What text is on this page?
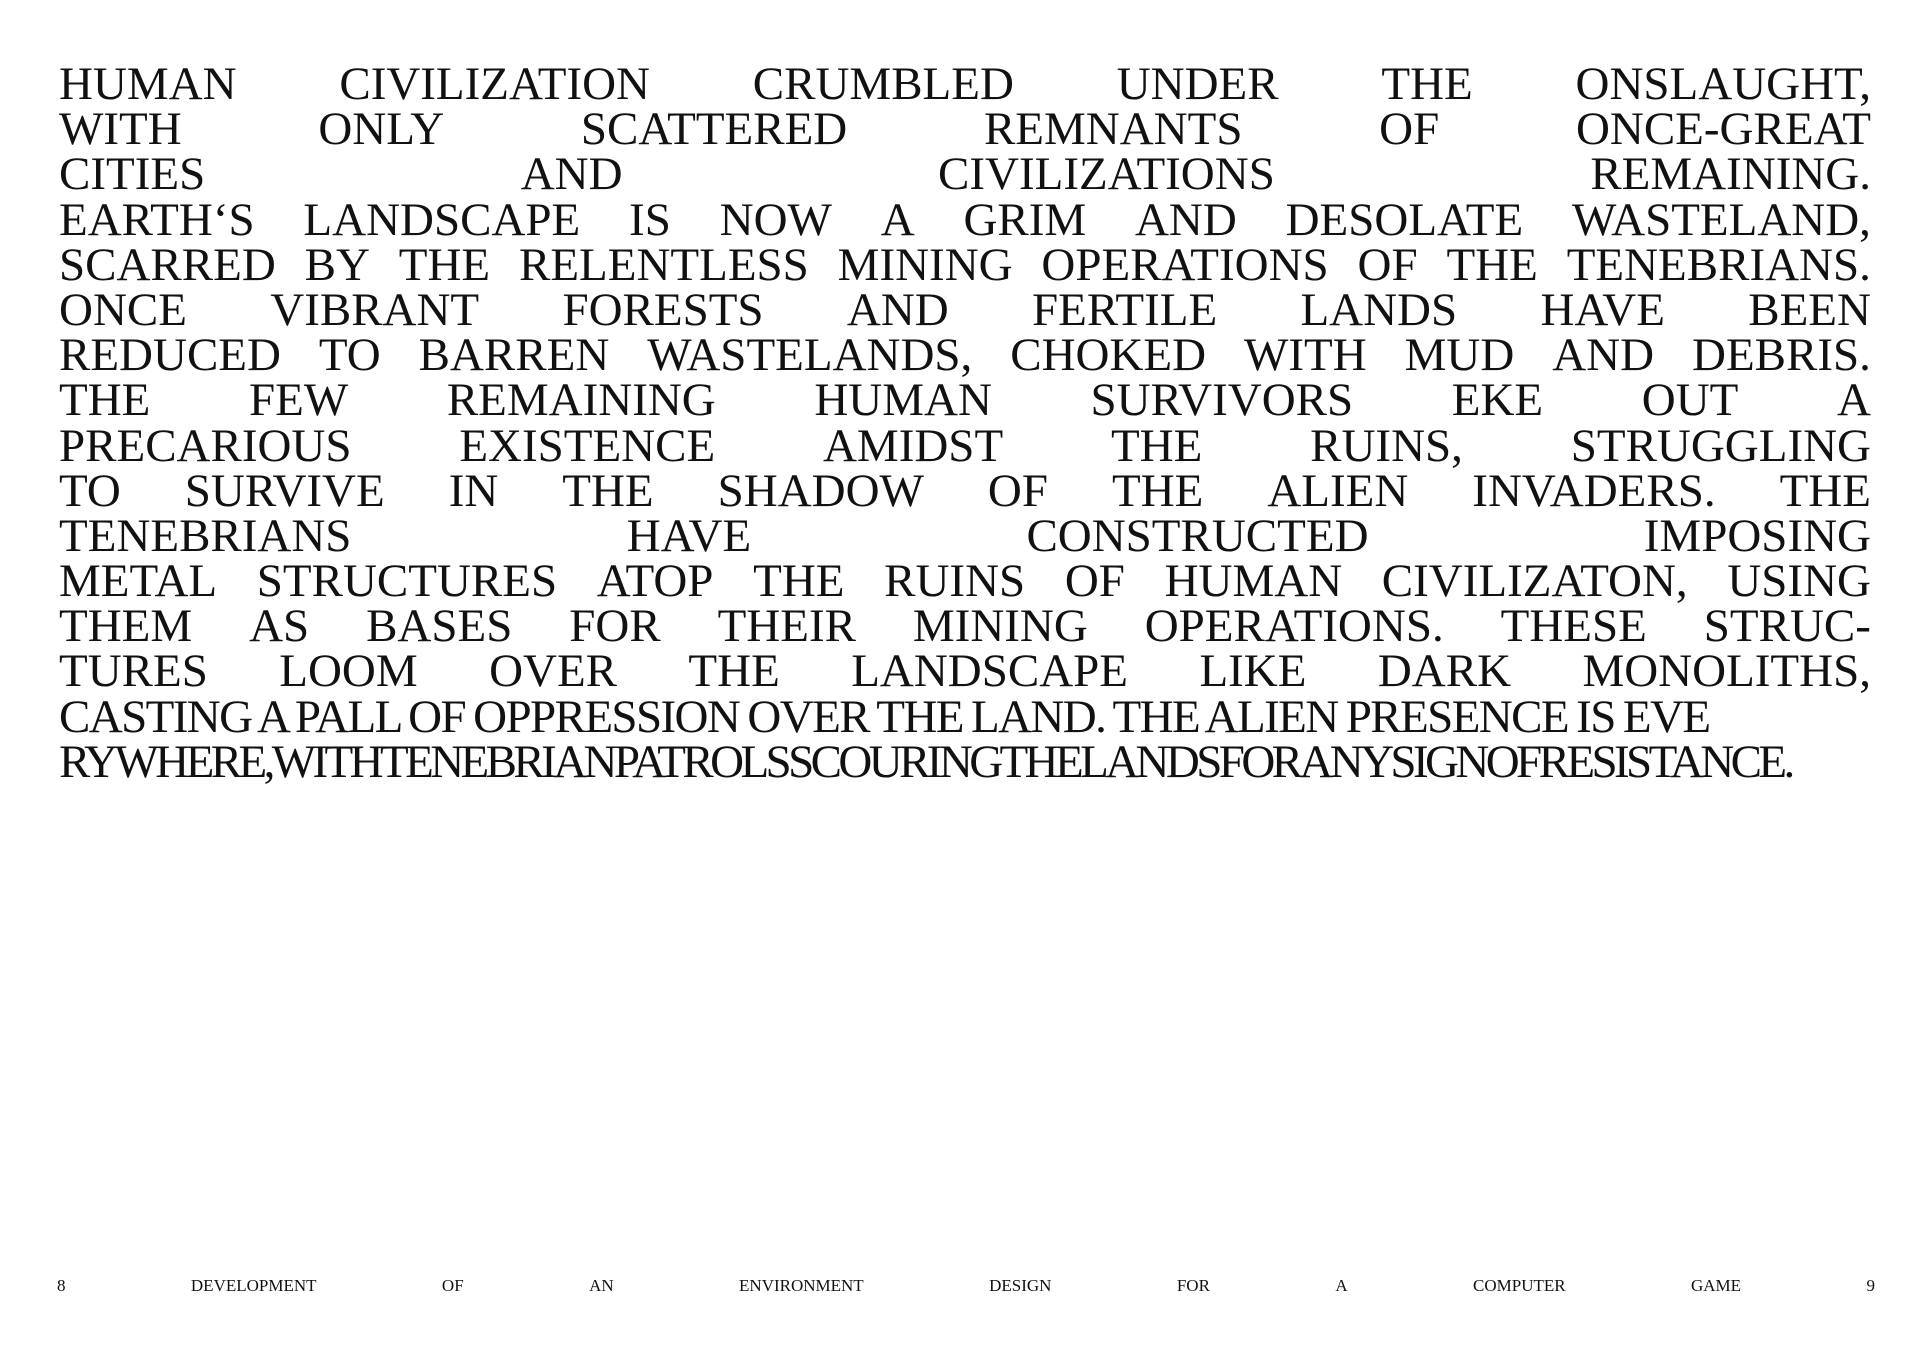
HUMAN CIVILIZATION CRUMBLED UNDER THE ONSLAUGHT,
WITH	ONLY	SCATTERED	REMNANTS	OF	ONCE-GREAT
CITIES	AND	CIVILIZATIONS	REMAINING.
EARTH‘S LANDSCAPE IS NOW A GRIM AND DESOLATE WASTELAND,
SCARRED BY THE RELENTLESS MINING OPERATIONS OF THE TENEBRIANS.
ONCE VIBRANT FORESTS AND FERTILE LANDS HAVE BEEN
REDUCED TO BARREN WASTELANDS, CHOKED WITH MUD AND DEBRIS.
THE FEW REMAINING HUMAN SURVIVORS EKE OUT A
PRECARIOUS EXISTENCE AMIDST THE RUINS, STRUGGLING
TO SURVIVE IN THE SHADOW OF THE ALIEN INVADERS. THE
TENEBRIANS	HAVE	CONSTRUCTED	IMPOSING
METAL STRUCTURES ATOP THE RUINS OF HUMAN CIVILIZATON, USING
THEM AS BASES FOR THEIR MINING OPERATIONS. THESE STRUC-
TURES LOOM OVER THE LANDSCAPE LIKE DARK MONOLITHS,
CASTING A PALL OF OPPRESSION OVER THE LAND. THE ALIEN PRESENCE IS EVE
RYWHERE,WITHTENEBRIANPATROLSSCOURINGTHELANDSFORANYSIGNOFRESISTANCE.
8	DEVELOPMENT	OF	AN	ENVIRONMENT	DESIGN	FOR	A	COMPUTER	GAME	9
